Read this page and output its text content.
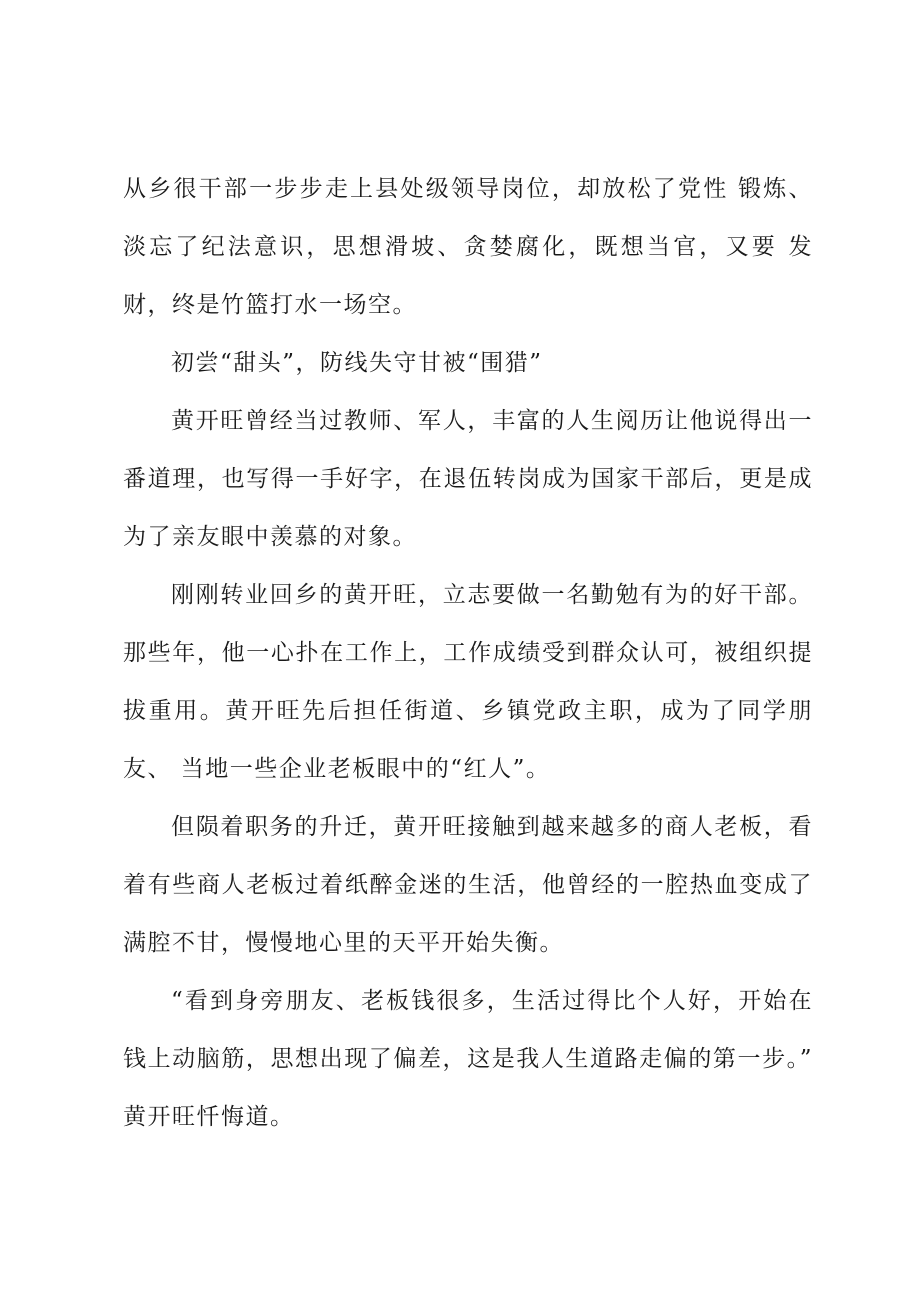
从乡很干部一步步走上县处级领导岗位，却放松了党性 锻炼、淡忘了纪法意识，思想滑坡、贪婪腐化，既想当官，又要 发财，终是竹篮打水一场空。

初尝“甜头”，防线失守甘被“围猎”

黄开旺曾经当过教师、军人，丰富的人生阅历让他说得出一 番道理，也写得一手好字，在退伍转岗成为国家干部后，更是成 为了亲友眼中羡慕的对象。

刚刚转业回乡的黄开旺，立志要做一名勤勉有为的好干部。 那些年，他一心扑在工作上，工作成绩受到群众认可，被组织提 拔重用。黄开旺先后担任街道、乡镇党政主职，成为了同学朋友、 当地一些企业老板眼中的“红人”。

但陨着职务的升迁，黄开旺接触到越来越多的商人老板，看 着有些商人老板过着纸醉金迷的生活，他曾经的一腔热血变成了 满腔不甘，慢慢地心里的天平开始失衡。

“看到身旁朋友、老板钱很多，生活过得比个人好，开始在 钱上动脑筋，思想出现了偏差，这是我人生道路走偏的第一步。” 黄开旺忏悔道。
